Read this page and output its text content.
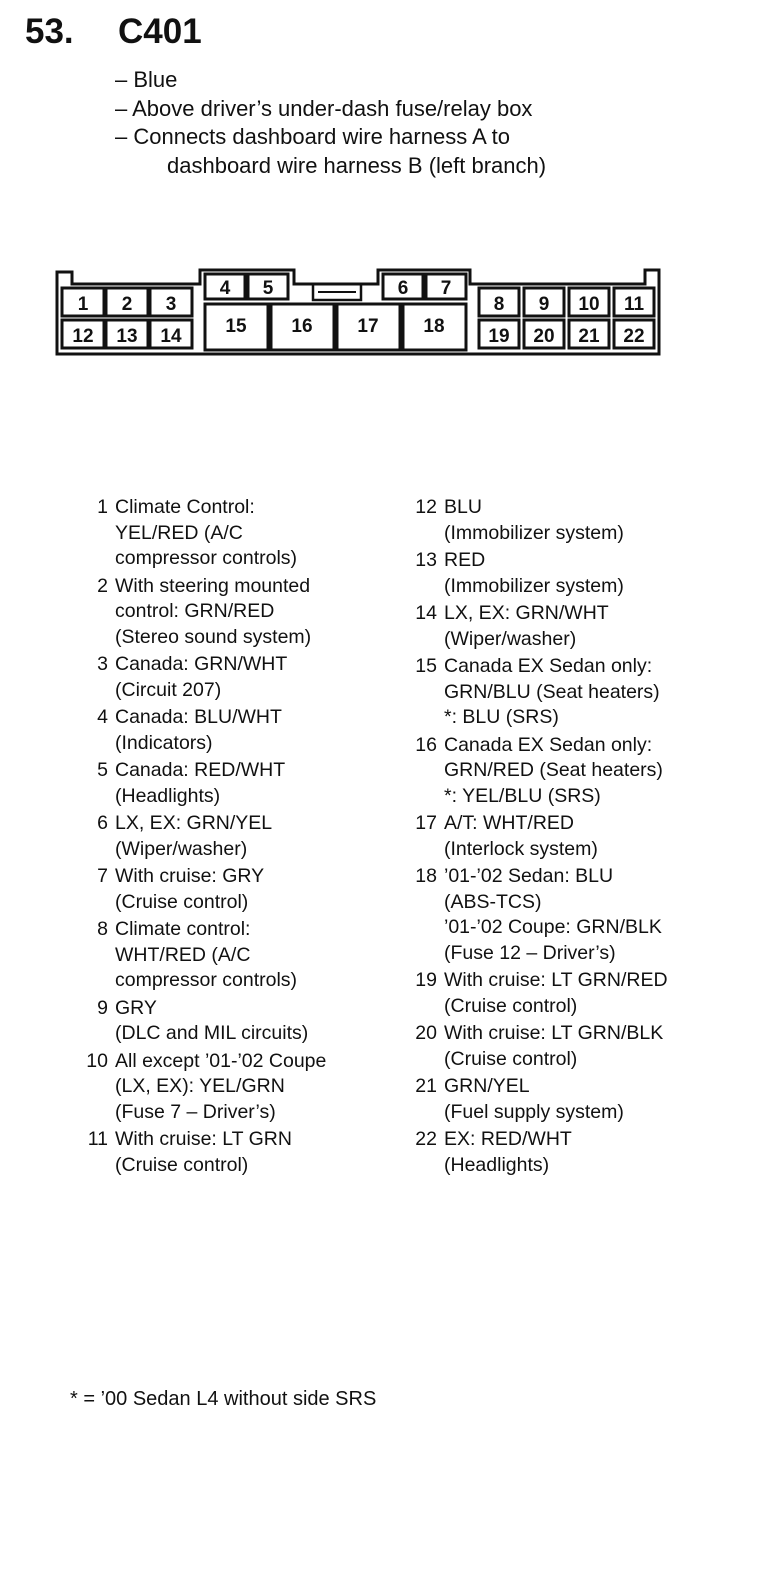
53. C401
– Blue
– Above driver’s under-dash fuse/relay box
– Connects dashboard wire harness A to
dashboard wire harness B (left branch)
1 2 3
12 13 14
4 5	6 7
15 16 17 18
8 9 10 11
19 20 21 22
1 Climate Control:
YEL/RED (A/C
compressor controls)
2 With steering mounted
control: GRN/RED
(Stereo sound system)
3 Canada: GRN/WHT
(Circuit 207)
4 Canada: BLU/WHT
(Indicators)
5 Canada: RED/WHT
(Headlights)
6 LX, EX: GRN/YEL
(Wiper/washer)
7 With cruise: GRY
(Cruise control)
8 Climate control:
WHT/RED (A/C
compressor controls)
9 GRY
(DLC and MIL circuits)
10 All except ’01-’02 Coupe
(LX, EX): YEL/GRN
(Fuse 7 – Driver’s)
11 With cruise: LT GRN
(Cruise control)
12 BLU
(Immobilizer system)
13 RED
(Immobilizer system)
14 LX, EX: GRN/WHT
(Wiper/washer)
15 Canada EX Sedan only:
GRN/BLU (Seat heaters)
*: BLU (SRS)
16 Canada EX Sedan only:
GRN/RED (Seat heaters)
*: YEL/BLU (SRS)
17 A/T: WHT/RED
(Interlock system)
18 ’01-’02 Sedan: BLU
(ABS-TCS)
’01-’02 Coupe: GRN/BLK
(Fuse 12 – Driver’s)
19 With cruise: LT GRN/RED
(Cruise control)
20 With cruise: LT GRN/BLK
(Cruise control)
21 GRN/YEL
(Fuel supply system)
22 EX: RED/WHT
(Headlights)
* = ’00 Sedan L4 without side SRS
